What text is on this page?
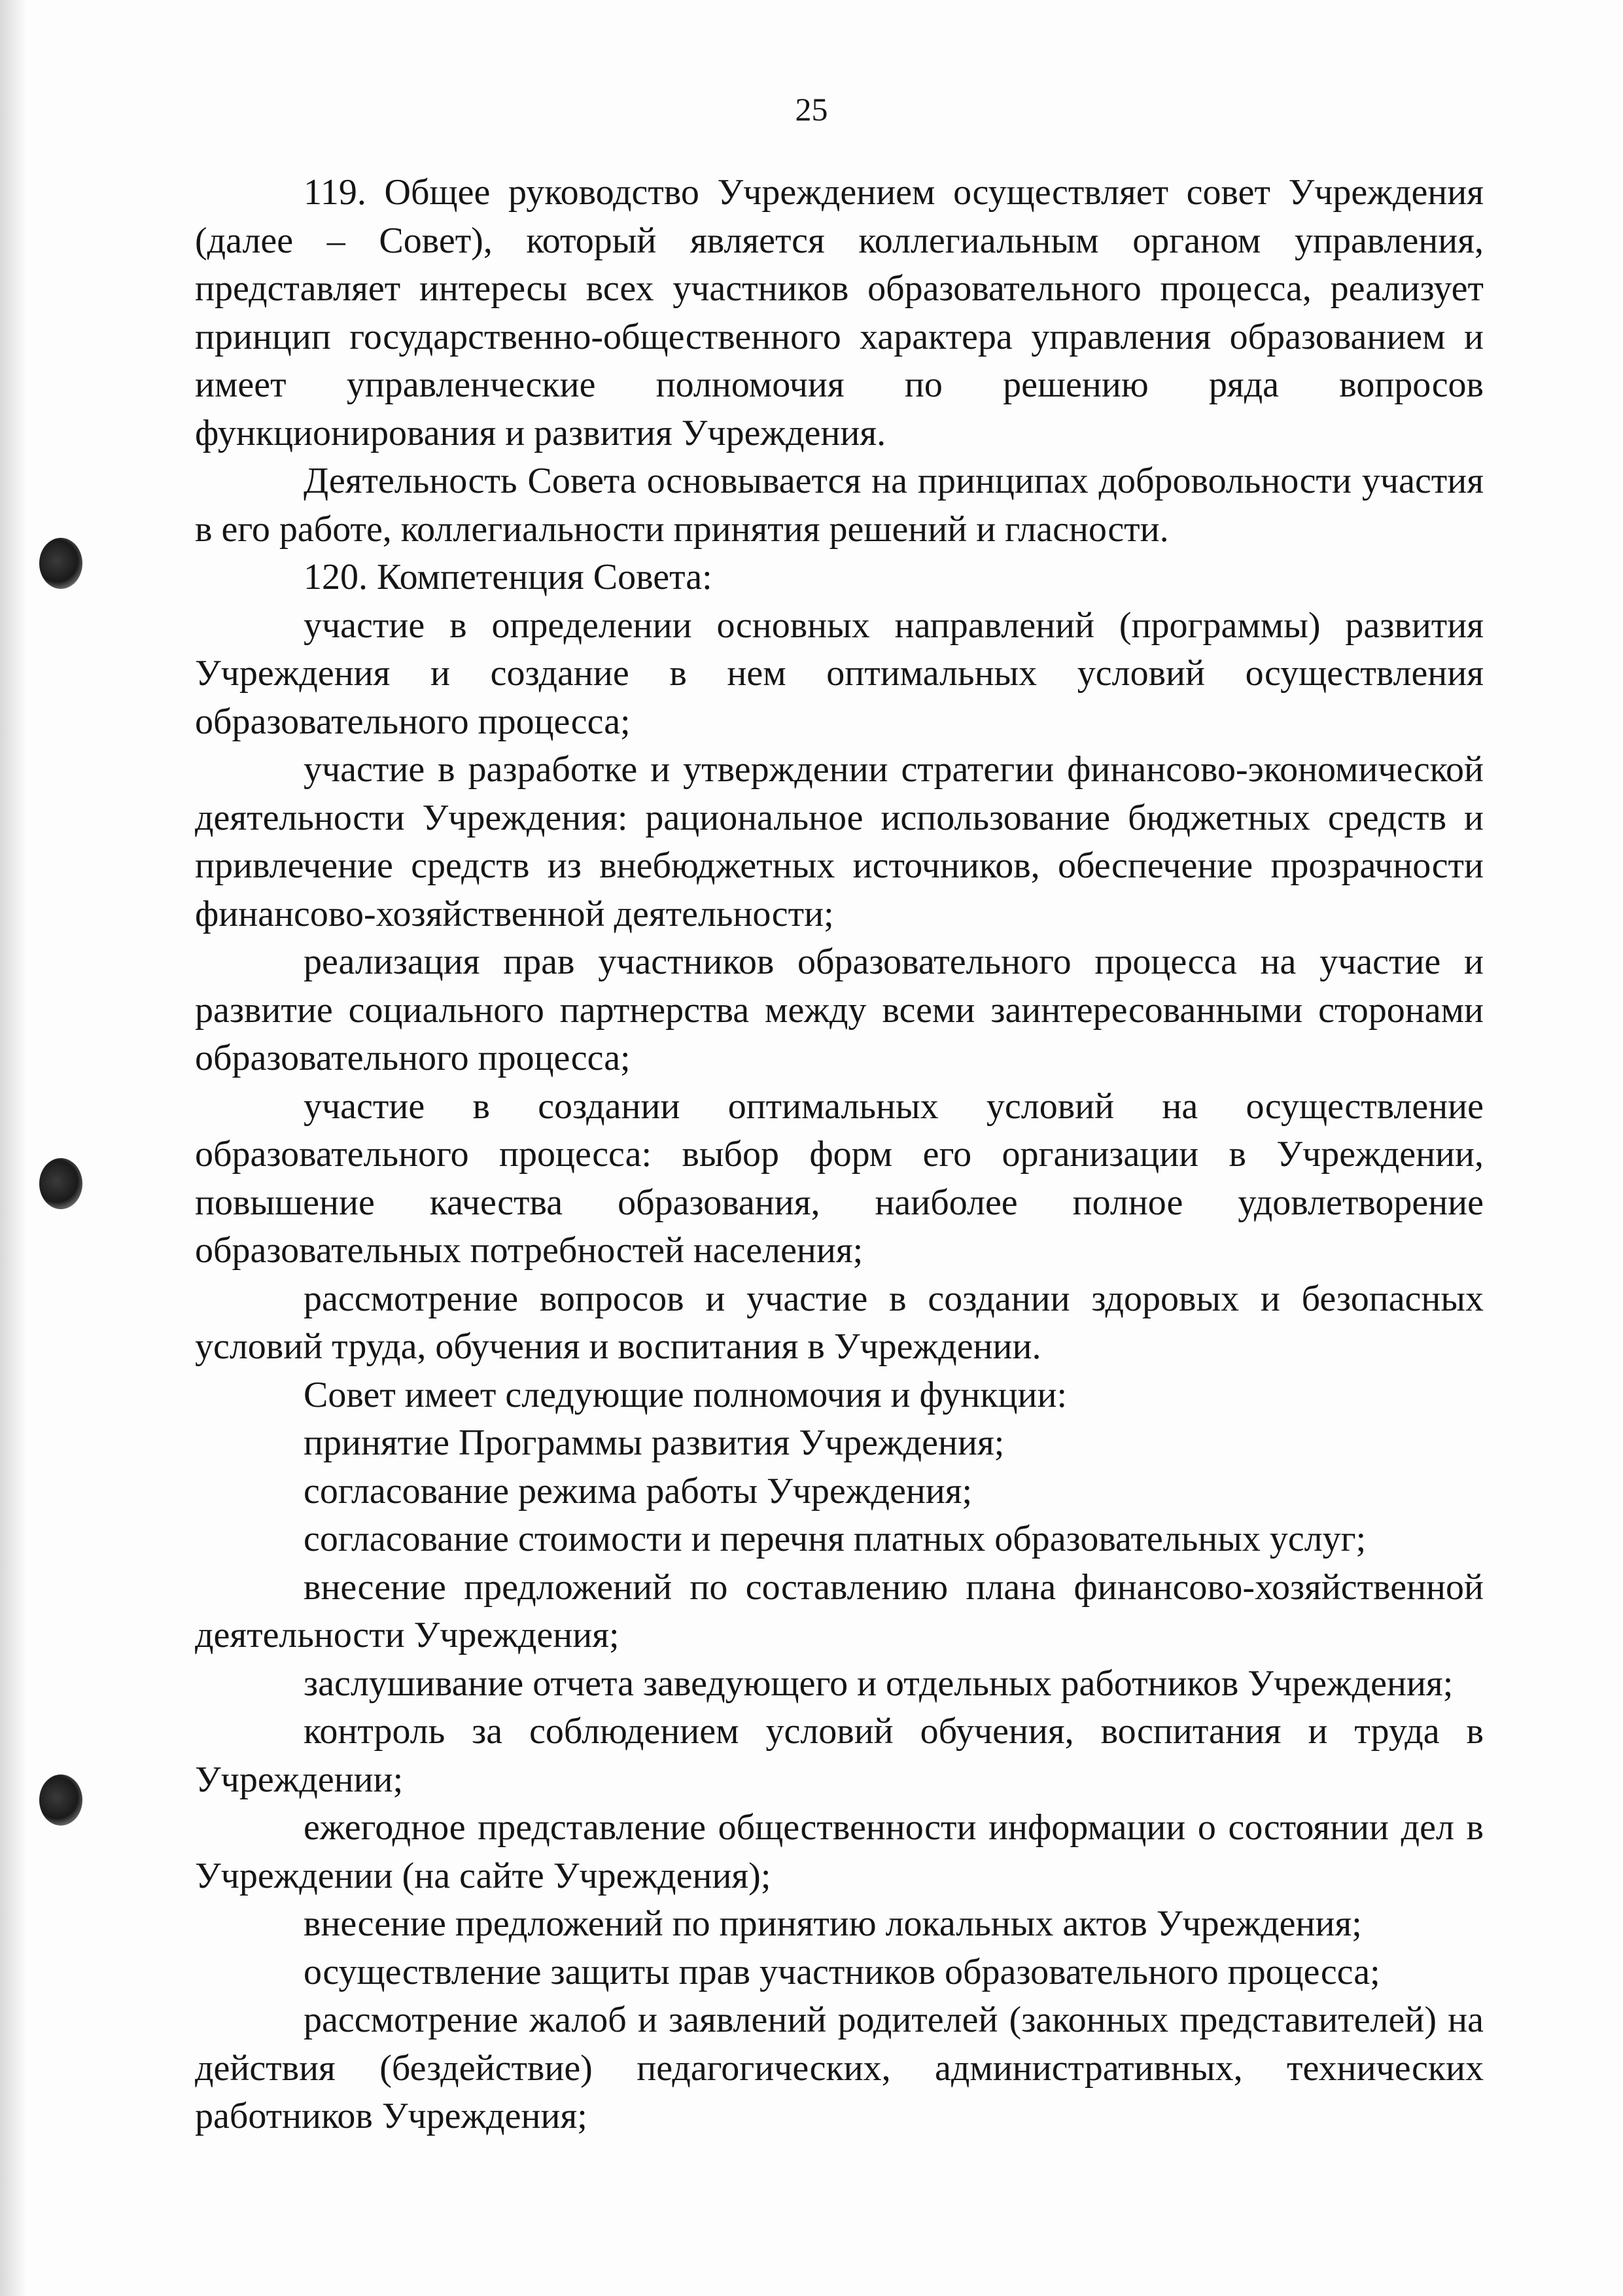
25

119. Общее руководство Учреждением осуществляет совет Учреждения (далее – Совет), который является коллегиальным органом управления, представляет интересы всех участников образовательного процесса, реализует принцип государственно-общественного характера управления образованием и имеет управленческие полномочия по решению ряда вопросов функционирования и развития Учреждения.

Деятельность Совета основывается на принципах добровольности участия в его работе, коллегиальности принятия решений и гласности.

120. Компетенция Совета:

участие в определении основных направлений (программы) развития Учреждения и создание в нем оптимальных условий осуществления образовательного процесса;

участие в разработке и утверждении стратегии финансово-экономической деятельности Учреждения: рациональное использование бюджетных средств и привлечение средств из внебюджетных источников, обеспечение прозрачности финансово-хозяйственной деятельности;

реализация прав участников образовательного процесса на участие и развитие социального партнерства между всеми заинтересованными сторонами образовательного процесса;

участие в создании оптимальных условий на осуществление образовательного процесса: выбор форм его организации в Учреждении, повышение качества образования, наиболее полное удовлетворение образовательных потребностей населения;

рассмотрение вопросов и участие в создании здоровых и безопасных условий труда, обучения и воспитания в Учреждении.

Совет имеет следующие полномочия и функции:

принятие Программы развития Учреждения;

согласование режима работы Учреждения;

согласование стоимости и перечня платных образовательных услуг;

внесение предложений по составлению плана финансово-хозяйственной деятельности Учреждения;

заслушивание отчета заведующего и отдельных работников Учреждения;

контроль за соблюдением условий обучения, воспитания и труда в Учреждении;

ежегодное представление общественности информации о состоянии дел в Учреждении (на сайте Учреждения);

внесение предложений по принятию локальных актов Учреждения;

осуществление защиты прав участников образовательного процесса;

рассмотрение жалоб и заявлений родителей (законных представителей) на действия (бездействие) педагогических, административных, технических работников Учреждения;
